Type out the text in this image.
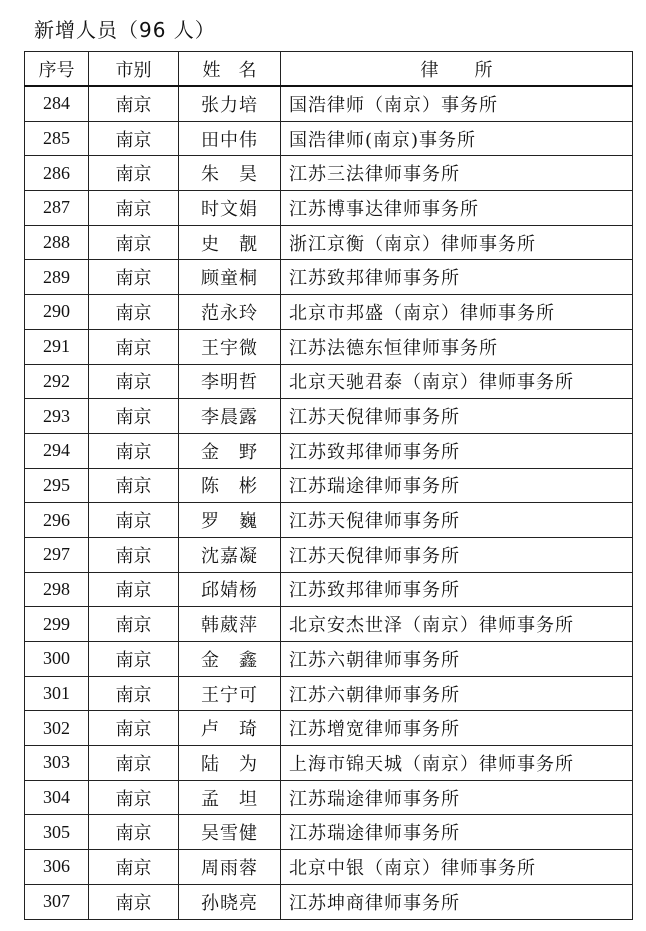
新增人员（96 人）
序号	市别	姓　名	律　　所
284	南京	张力培	国浩律师（南京）事务所
285	南京	田中伟	国浩律师(南京)事务所
286	南京	朱　昊	江苏三法律师事务所
287	南京	时文娟	江苏博事达律师事务所
288	南京	史　靓	浙江京衡（南京）律师事务所
289	南京	顾童桐	江苏致邦律师事务所
290	南京	范永玲	北京市邦盛（南京）律师事务所
291	南京	王宇微	江苏法德东恒律师事务所
292	南京	李明哲	北京天驰君泰（南京）律师事务所
293	南京	李晨露	江苏天倪律师事务所
294	南京	金　野	江苏致邦律师事务所
295	南京	陈　彬	江苏瑞途律师事务所
296	南京	罗　巍	江苏天倪律师事务所
297	南京	沈嘉凝	江苏天倪律师事务所
298	南京	邱婧杨	江苏致邦律师事务所
299	南京	韩葳萍	北京安杰世泽（南京）律师事务所
300	南京	金　鑫	江苏六朝律师事务所
301	南京	王宁可	江苏六朝律师事务所
302	南京	卢　琦	江苏增宽律师事务所
303	南京	陆　为	上海市锦天城（南京）律师事务所
304	南京	孟　坦	江苏瑞途律师事务所
305	南京	吴雪健	江苏瑞途律师事务所
306	南京	周雨蓉	北京中银（南京）律师事务所
307	南京	孙晓亮	江苏坤商律师事务所
